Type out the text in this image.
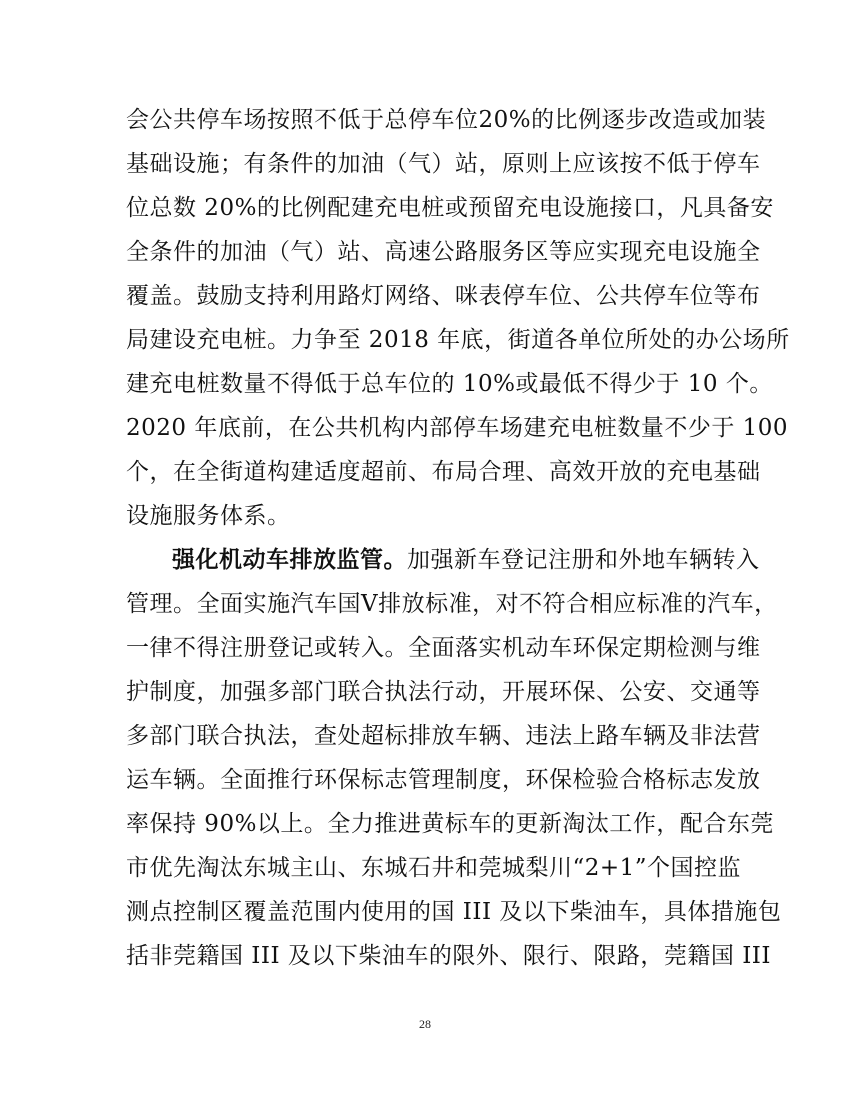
会公共停车场按照不低于总停车位20%的比例逐步改造或加装
基础设施；有条件的加油（气）站，原则上应该按不低于停车
位总数 20%的比例配建充电桩或预留充电设施接口，凡具备安
全条件的加油（气）站、高速公路服务区等应实现充电设施全
覆盖。鼓励支持利用路灯网络、咪表停车位、公共停车位等布
局建设充电桩。力争至 2018 年底，街道各单位所处的办公场所
建充电桩数量不得低于总车位的 10%或最低不得少于 10 个。
2020 年底前，在公共机构内部停车场建充电桩数量不少于 100
个，在全街道构建适度超前、布局合理、高效开放的充电基础
设施服务体系。
强化机动车排放监管。加强新车登记注册和外地车辆转入
管理。全面实施汽车国Ⅴ排放标准，对不符合相应标准的汽车，
一律不得注册登记或转入。全面落实机动车环保定期检测与维
护制度，加强多部门联合执法行动，开展环保、公安、交通等
多部门联合执法，查处超标排放车辆、违法上路车辆及非法营
运车辆。全面推行环保标志管理制度，环保检验合格标志发放
率保持 90%以上。全力推进黄标车的更新淘汰工作，配合东莞
市优先淘汰东城主山、东城石井和莞城梨川“2+1”个国控监
测点控制区覆盖范围内使用的国 III 及以下柴油车，具体措施包
括非莞籍国 III 及以下柴油车的限外、限行、限路，莞籍国 III
28
